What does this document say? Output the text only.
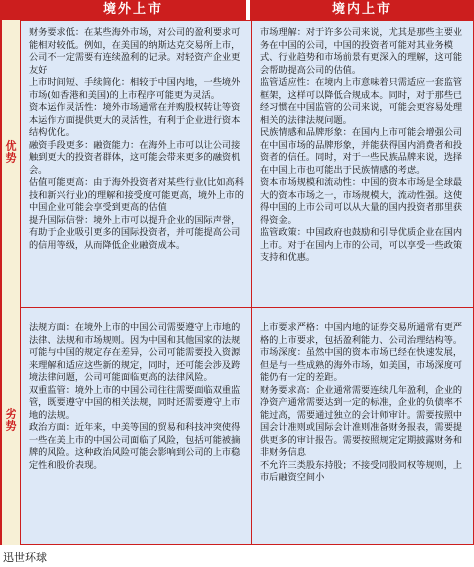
境外上市	境内上市
优势

财务要求低：在某些海外市场，对公司的盈利要求可能相对较低。例如，在美国的纳斯达克交易所上市，公司不一定需要有连续盈利的记录。对轻资产企业更友好
上市时间短、手续简化：相较于中国内地，一些境外市场(如香港和美国)的上市程序可能更为灵活。
资本运作灵活性：境外市场通常在并购股权转让等资本运作方面提供更大的灵活性，有利于企业进行资本结构优化。
融资手段更多：融资能力：在海外上市可以让公司接触到更大的投资者群体，这可能会带来更多的融资机会。
估值可能更高：由于海外投资者对某些行业(比如高科技和新兴行业)的理解和接受度可能更高，境外上市的中国企业可能会享受到更高的估值
提升国际信誉：境外上市可以提升企业的国际声誉，有助于企业吸引更多的国际投资者，并可能提高公司的信用等级，从而降低企业融资成本。

市场理解：对于许多公司来说，尤其是那些主要业务在中国的公司，中国的投资者可能对其业务模式、行业趋势和市场前景有更深入的理解，这可能会帮助提高公司的估值。
监管适应性：在境内上市意味着只需适应一套监管框架，这样可以降低合规成本。同时，对于那些已经习惯在中国监管的公司来说，可能会更容易处理相关的法律法规问题。
民族情感和品牌形象：在国内上市可能会增强公司在中国市场的品牌形象，并能获得国内消费者和投资者的信任。同时，对于一些民族品牌来说，选择在中国上市也可能出于民族情感的考虑。
资本市场规模和流动性：中国的资本市场是全球最大的资本市场之一，市场规模大，流动性强。这使得中国的上市公司可以从大量的国内投资者那里获得资金。
监管政策：中国政府也鼓励和引导优质企业在国内上市。对于在国内上市的公司，可以享受一些政策支持和优惠。

劣势

法规方面：在境外上市的中国公司需要遵守上市地的法律、法规和市场规则。因为中国和其他国家的法规可能与中国的规定存在差异，公司可能需要投入资源来理解和适应这些新的规定，同时，还可能会涉及跨境法律问题，公司可能面临更高的法律风险。
双重监管：境外上市的中国公司往往需要面临双重监管，既要遵守中国的相关法规，同时还需要遵守上市地的法规。
政治方面：近年来，中美等国的贸易和科技冲突使得一些在美上市的中国公司面临了风险，包括可能被摘牌的风险。这种政治风险可能会影响到公司的上市稳定性和股价表现。

上市要求严格：中国内地的证券交易所通常有更严格的上市要求，包括盈利能力、公司治理结构等。
市场深度：虽然中国的资本市场已经在快速发展，但是与一些成熟的海外市场，如美国，市场深度可能仍有一定的差距。
财务要求高：企业通常需要连续几年盈利，企业的净资产通常需要达到一定的标准，企业的负债率不能过高，需要通过独立的会计师审计。需要按照中国会计准则或国际会计准则准备财务报表，需要提供更多的审计报告。需要按照规定定期披露财务和非财务信息
不允许三类股东持股；不接受同股同权等规则，上市后融资空间小

迅世环球
